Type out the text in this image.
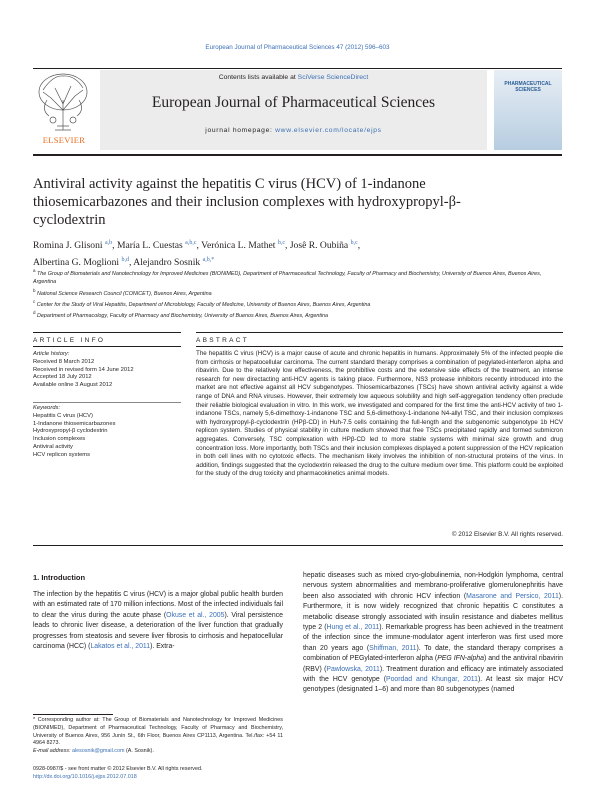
European Journal of Pharmaceutical Sciences 47 (2012) 596–603
ELSEVIER
Contents lists available at SciVerse ScienceDirect
European Journal of Pharmaceutical Sciences
journal homepage: www.elsevier.com/locate/ejps
PHARMACEUTICAL SCIENCES
Antiviral activity against the hepatitis C virus (HCV) of 1-indanone thiosemicarbazones and their inclusion complexes with hydroxypropyl-β-cyclodextrin
Romina J. Glisoni $^{a,b}$, María L. Cuestas $^{a,b,c}$, Verónica L. Mathet $^{b,c}$, Josê R. Oubiña $^{b,c}$,
Albertina G. Moglioni $^{b,d}$, Alejandro Sosnik $^{a,b,*}$
$^a$ The Group of Biomaterials and Nanotechnology for Improved Medicines (BIONIMED), Department of Pharmaceutical Technology, Faculty of Pharmacy and Biochemistry, University of Buenos Aires, Buenos Aires, Argentina
$^b$ National Science Research Council (CONICET), Buenos Aires, Argentina
$^c$ Center for the Study of Viral Hepatitis, Department of Microbiology, Faculty of Medicine, University of Buenos Aires, Buenos Aires, Argentina
$^d$ Department of Pharmacology, Faculty of Pharmacy and Biochemistry, University of Buenos Aires, Buenos Aires, Argentina
ARTICLE INFO	ABSTRACT
Article history:
Received 8 March 2012
Received in revised form 14 June 2012
Accepted 18 July 2012
Available online 3 August 2012
Keywords:
Hepatitis C virus (HCV)
1-Indanone thiosemicarbazones
Hydroxypropyl-β cyclodextrin
Inclusion complexes
Antiviral activity
HCV replicon systems
The hepatitis C virus (HCV) is a major cause of acute and chronic hepatitis in humans. Approximately 5% of the infected people die from cirrhosis or hepatocellular carcinoma. The current standard therapy comprises a combination of pegylated-interferon alpha and ribavirin. Due to the relatively low effectiveness, the prohibitive costs and the extensive side effects of the treatment, an intense research for new directacting anti-HCV agents is taking place. Furthermore, NS3 protease inhibitors recently introduced into the market are not effective against all HCV subgenotypes. Thiosemicarbazones (TSCs) have shown antiviral activity against a wide range of DNA and RNA viruses. However, their extremely low aqueous solubility and high self-aggregation tendency often preclude their reliable biological evaluation in vitro. In this work, we investigated and compared for the first time the anti-HCV activity of two 1-indanone TSCs, namely 5,6-dimethoxy-1-indanone TSC and 5,6-dimethoxy-1-indanone N4-allyl TSC, and their inclusion complexes with hydroxypropyl-β-cyclodextrin (HPβ-CD) in Huh-7.5 cells containing the full-length and the subgenomic subgenotype 1b HCV replicon system. Studies of physical stability in culture medium showed that free TSCs precipitated rapidly and formed submicron aggregates. Conversely, TSC complexation with HPβ-CD led to more stable systems with minimal size growth and drug concentration loss. More importantly, both TSCs and their inclusion complexes displayed a potent suppression of the HCV replication in both cell lines with no cytotoxic effects. The mechanism likely involves the inhibition of non-structural proteins of the virus. In addition, findings suggested that the cyclodextrin released the drug to the culture medium over time. This platform could be exploited for the study of the drug toxicity and pharmacokinetics animal models.
© 2012 Elsevier B.V. All rights reserved.
1. Introduction
The infection by the hepatitis C virus (HCV) is a major global public health burden with an estimated rate of 170 million infections. Most of the infected individuals fail to clear the virus during the acute phase (Okuse et al., 2005). Viral persistence leads to chronic liver disease, a deterioration of the liver function that gradually progresses from steatosis and severe liver fibrosis to cirrhosis and hepatocellular carcinoma (HCC) (Lakatos et al., 2011). Extra-
hepatic diseases such as mixed cryo-globulinemia, non-Hodgkin lymphoma, central nervous system abnormalities and membrano-proliferative glomerulonephritis have been also associated with chronic HCV infection (Masarone and Persico, 2011). Furthermore, it is now widely recognized that chronic hepatitis C constitutes a metabolic disease strongly associated with insulin resistance and diabetes mellitus type 2 (Hung et al., 2011). Remarkable progress has been achieved in the treatment of the infection since the immune-modulator agent interferon was first used more than 20 years ago (Shiffman, 2011). To date, the standard therapy comprises a combination of PEGylated-interferon alpha (PEG IFN-alpha) and the antiviral ribavirin (RBV) (Pawlowska, 2011). Treatment duration and efficacy are intimately associated with the HCV genotype (Poordad and Khungar, 2011). At least six major HCV genotypes (designated 1–6) and more than 80 subgenotypes (named
* Corresponding author at: The Group of Biomaterials and Nanotechnology for Improved Medicines (BIONIMED), Department of Pharmaceutical Technology, Faculty of Pharmacy and Biochemistry, University of Buenos Aires, 956 Junín St., 6th Floor, Buenos Aires CP1113, Argentina. Tel./fax: +54 11 4964 8273.
E-mail address: alesosnik@gmail.com (A. Sosnik).
0928-0987/$ - see front matter © 2012 Elsevier B.V. All rights reserved.
http://dx.doi.org/10.1016/j.ejps.2012.07.018
